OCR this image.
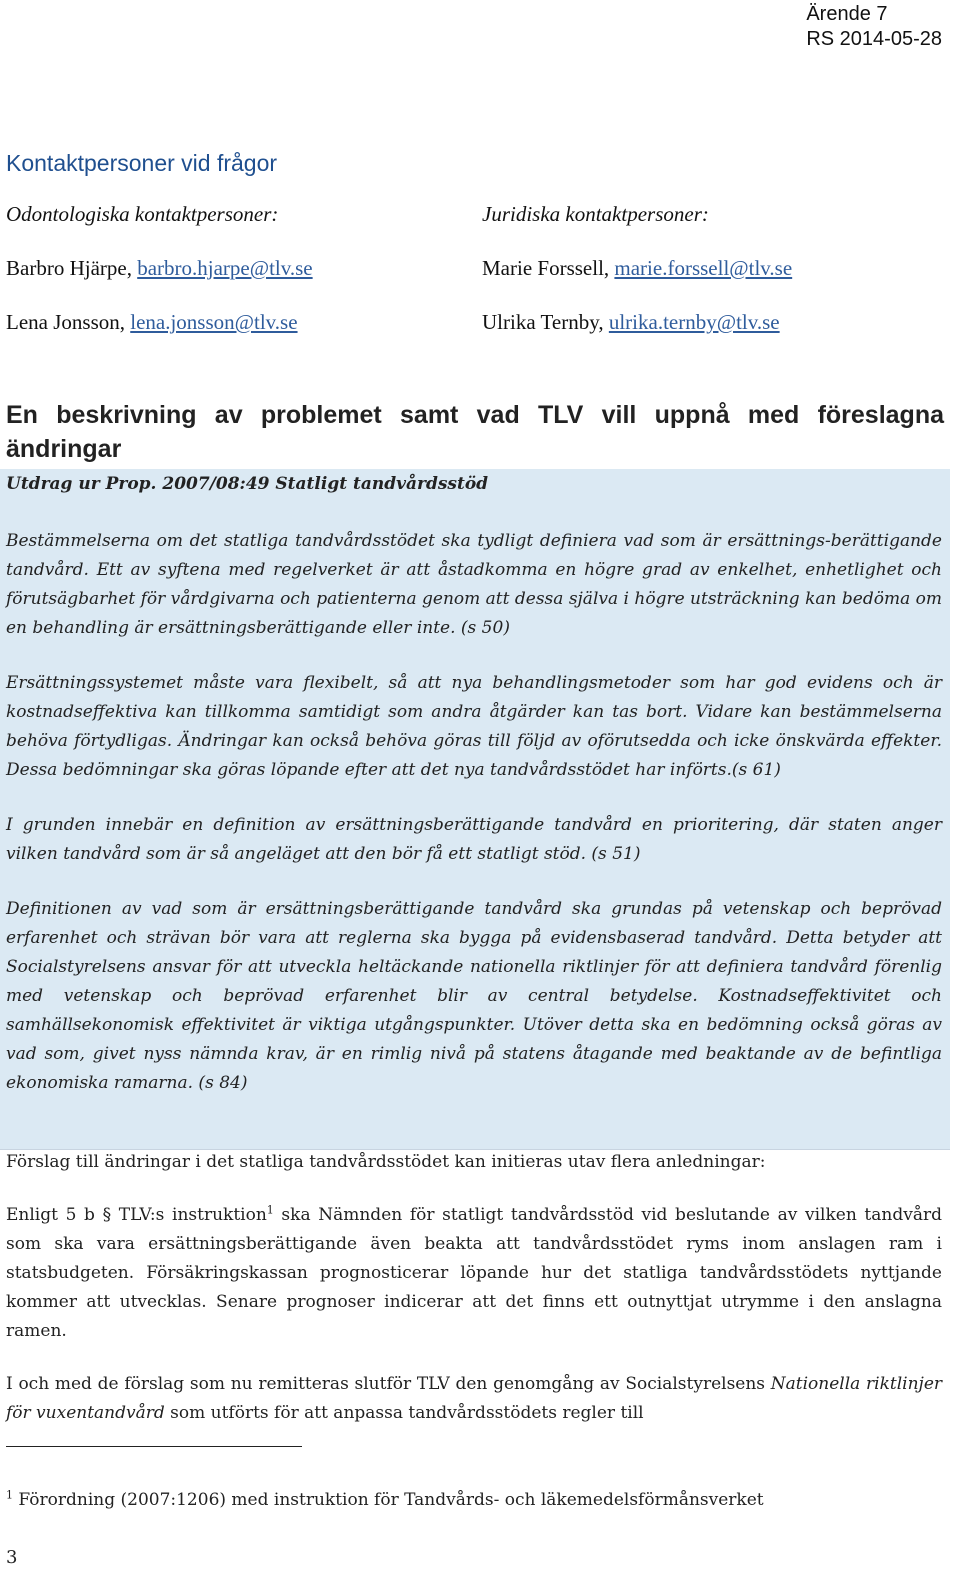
Ärende 7
RS 2014-05-28
Kontaktpersoner vid frågor
Odontologiska kontaktpersoner:
Barbro Hjärpe, barbro.hjarpe@tlv.se
Lena Jonsson, lena.jonsson@tlv.se
Juridiska kontaktpersoner:
Marie Forssell, marie.forssell@tlv.se
Ulrika Ternby, ulrika.ternby@tlv.se
En beskrivning av problemet samt vad TLV vill uppnå med föreslagna ändringar
Utdrag ur Prop. 2007/08:49 Statligt tandvårdsstöd

Bestämmelserna om det statliga tandvårdsstödet ska tydligt definiera vad som är ersättnings-berättigande tandvård. Ett av syftena med regelverket är att åstadkomma en högre grad av enkelhet, enhetlighet och förutsägbarhet för vårdgivarna och patienterna genom att dessa själva i högre utsträckning kan bedöma om en behandling är ersättningsberättigande eller inte. (s 50)

Ersättningssystemet måste vara flexibelt, så att nya behandlingsmetoder som har god evidens och är kostnadseffektiva kan tillkomma samtidigt som andra åtgärder kan tas bort. Vidare kan bestämmelserna behöva förtydligas. Ändringar kan också behöva göras till följd av oförutsedda och icke önskvärda effekter. Dessa bedömningar ska göras löpande efter att det nya tandvårdsstödet har införts.(s 61)

I grunden innebär en definition av ersättningsberättigande tandvård en prioritering, där staten anger vilken tandvård som är så angeläget att den bör få ett statligt stöd. (s 51)

Definitionen av vad som är ersättningsberättigande tandvård ska grundas på vetenskap och beprövad erfarenhet och strävan bör vara att reglerna ska bygga på evidensbaserad tandvård. Detta betyder att Socialstyrelsens ansvar för att utveckla heltäckande nationella riktlinjer för att definiera tandvård förenlig med vetenskap och beprövad erfarenhet blir av central betydelse. Kostnadseffektivitet och samhällsekonomisk effektivitet är viktiga utgångspunkter. Utöver detta ska en bedömning också göras av vad som, givet nyss nämnda krav, är en rimlig nivå på statens åtagande med beaktande av de befintliga ekonomiska ramarna. (s 84)

Förslag till ändringar i det statliga tandvårdsstödet kan initieras utav flera anledningar:

Enligt 5 b § TLV:s instruktion$^1$ ska Nämnden för statligt tandvårdsstöd vid beslutande av vilken tandvård som ska vara ersättningsberättigande även beakta att tandvårdsstödet ryms inom anslagen ram i statsbudgeten. Försäkringskassan prognosticerar löpande hur det statliga tandvårdsstödets nyttjande kommer att utvecklas. Senare prognoser indicerar att det finns ett outnyttjat utrymme i den anslagna ramen.

I och med de förslag som nu remitteras slutför TLV den genomgång av Socialstyrelsens Nationella riktlinjer för vuxentandvård som utförts för att anpassa tandvårdsstödets regler till

$^1$ Förordning (2007:1206) med instruktion för Tandvårds- och läkemedelsförmånsverket
3
